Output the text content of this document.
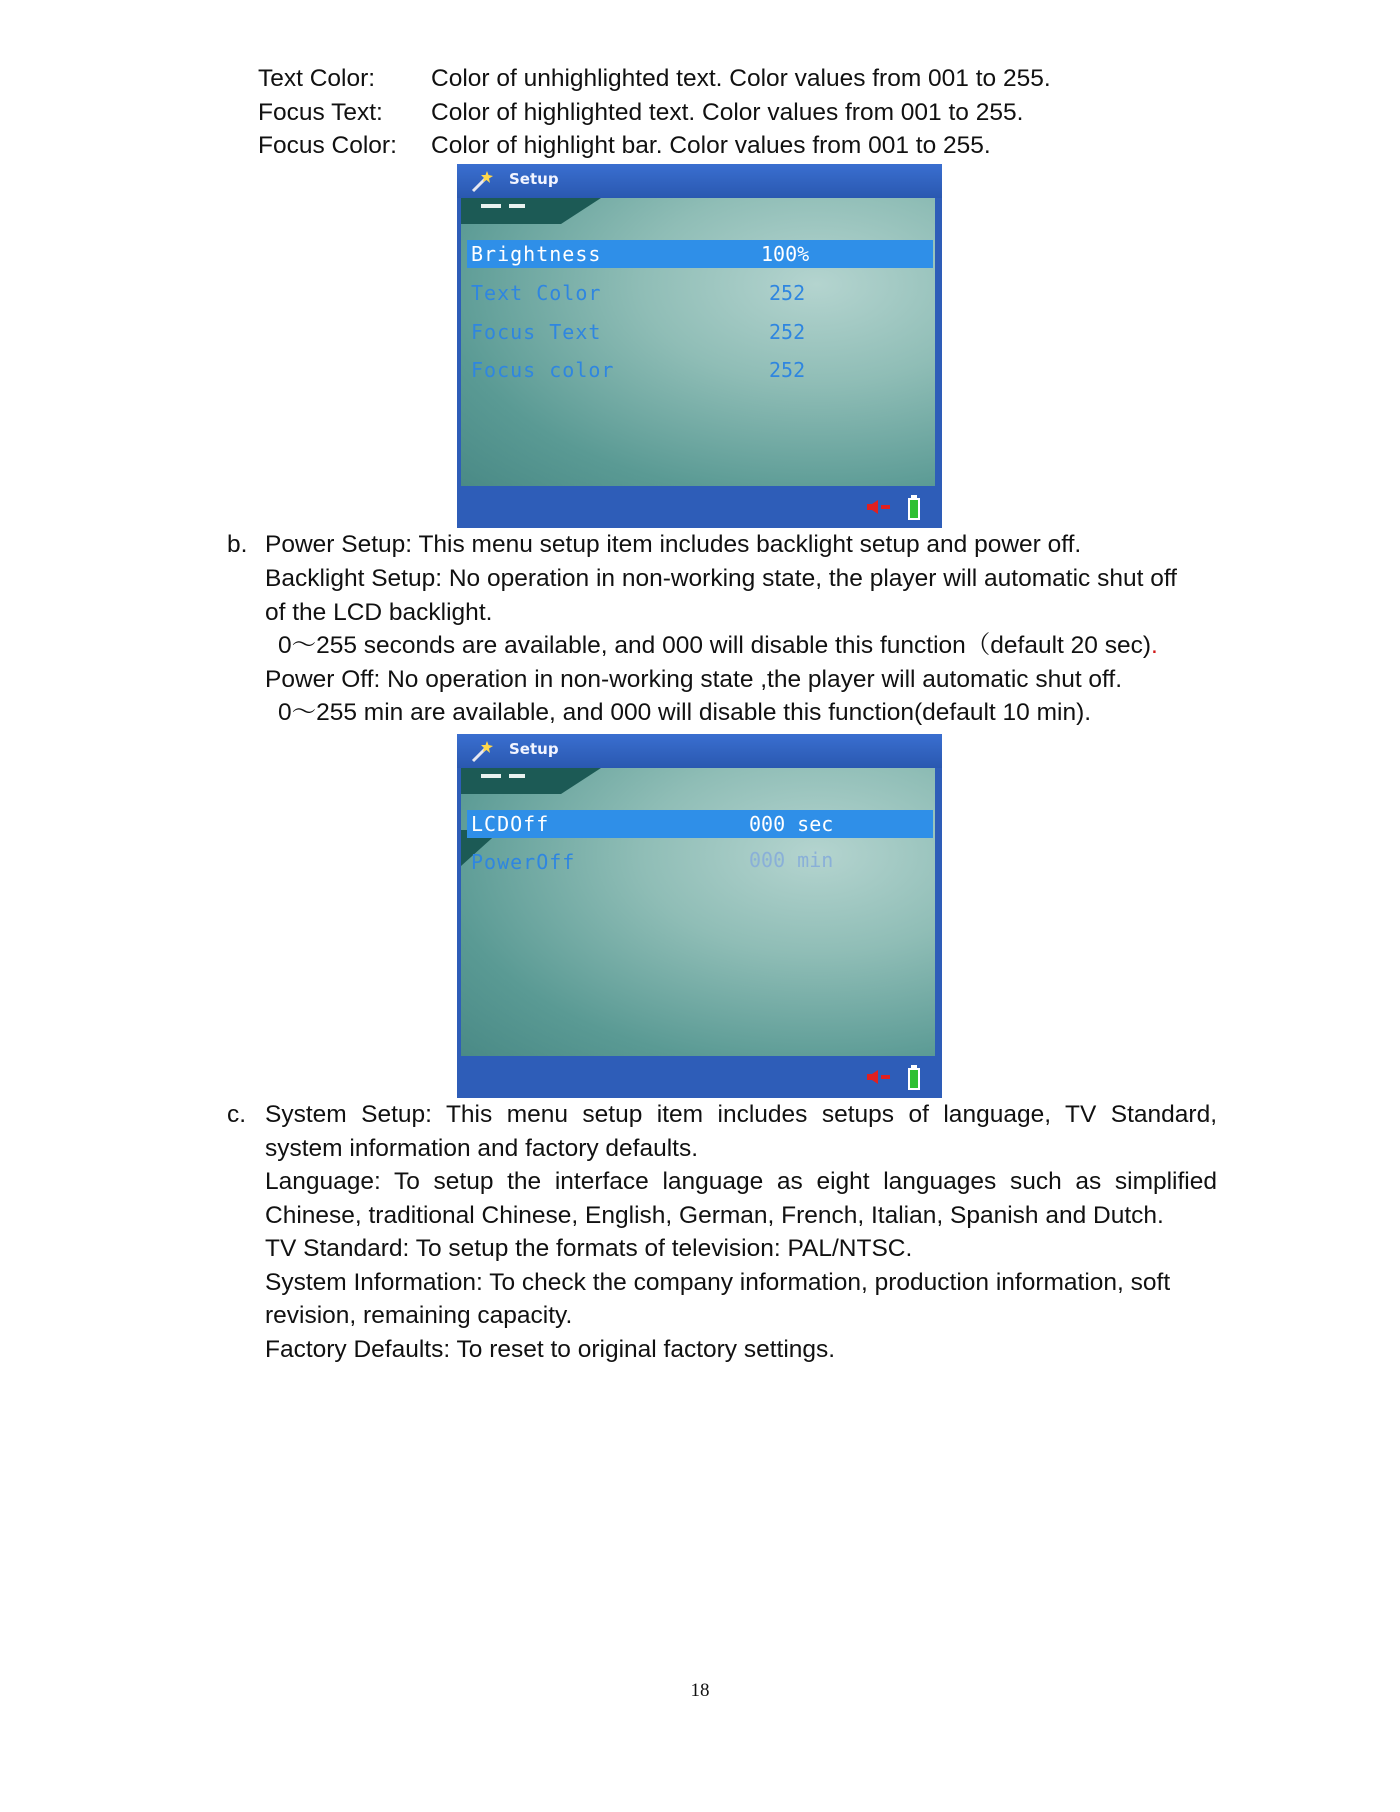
Text Color: Color of unhighlighted text. Color values from 001 to 255.
Focus Text: Color of highlighted text. Color values from 001 to 255.
Focus Color: Color of highlight bar. Color values from 001 to 255.
Setup
Brightness	100%
Text Color	252
Focus Text	252
Focus color	252
b. Power Setup: This menu setup item includes backlight setup and power off.
Backlight Setup: No operation in non-working state, the player will automatic shut off
of the LCD backlight.
0～255 seconds are available, and 000 will disable this function（default 20 sec).
Power Off: No operation in non-working state ,the player will automatic shut off.
0～255 min are available, and 000 will disable this function(default 10 min).
Setup
LCDOff	000 sec
PowerOff	000 min
c. System Setup: This menu setup item includes setups of language, TV Standard,
system information and factory defaults.
Language: To setup the interface language as eight languages such as simplified
Chinese, traditional Chinese, English, German, French, Italian, Spanish and Dutch.
TV Standard: To setup the formats of television: PAL/NTSC.
System Information: To check the company information, production information, soft
revision, remaining capacity.
Factory Defaults: To reset to original factory settings.
18
